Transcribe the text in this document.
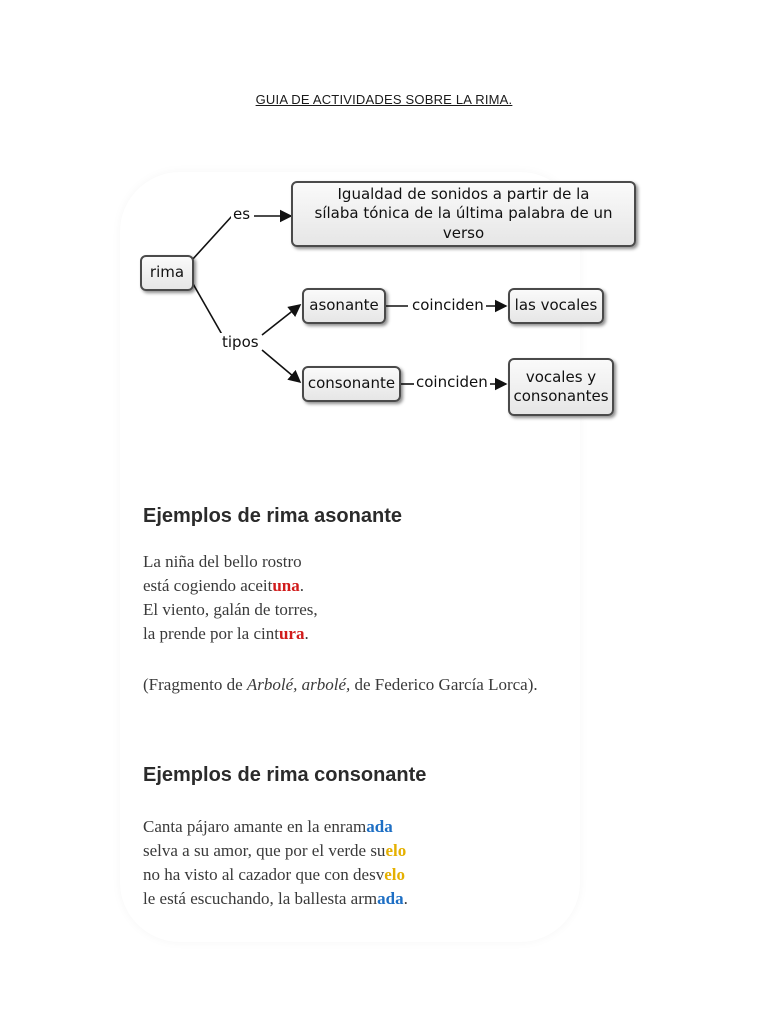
GUIA DE ACTIVIDADES SOBRE LA RIMA.
rima
es
Igualdad de sonidos a partir de la
sílaba tónica de la última palabra de un verso
tipos
asonante	coinciden	las vocales
consonante	coinciden	vocales y
consonantes
Ejemplos de rima asonante
La niña del bello rostro
está cogiendo aceituna.
El viento, galán de torres,
la prende por la cintura.
(Fragmento de Arbolé, arbolé, de Federico García Lorca).
Ejemplos de rima consonante
Canta pájaro amante en la enramada
selva a su amor, que por el verde suelo
no ha visto al cazador que con desvelo
le está escuchando, la ballesta armada.
